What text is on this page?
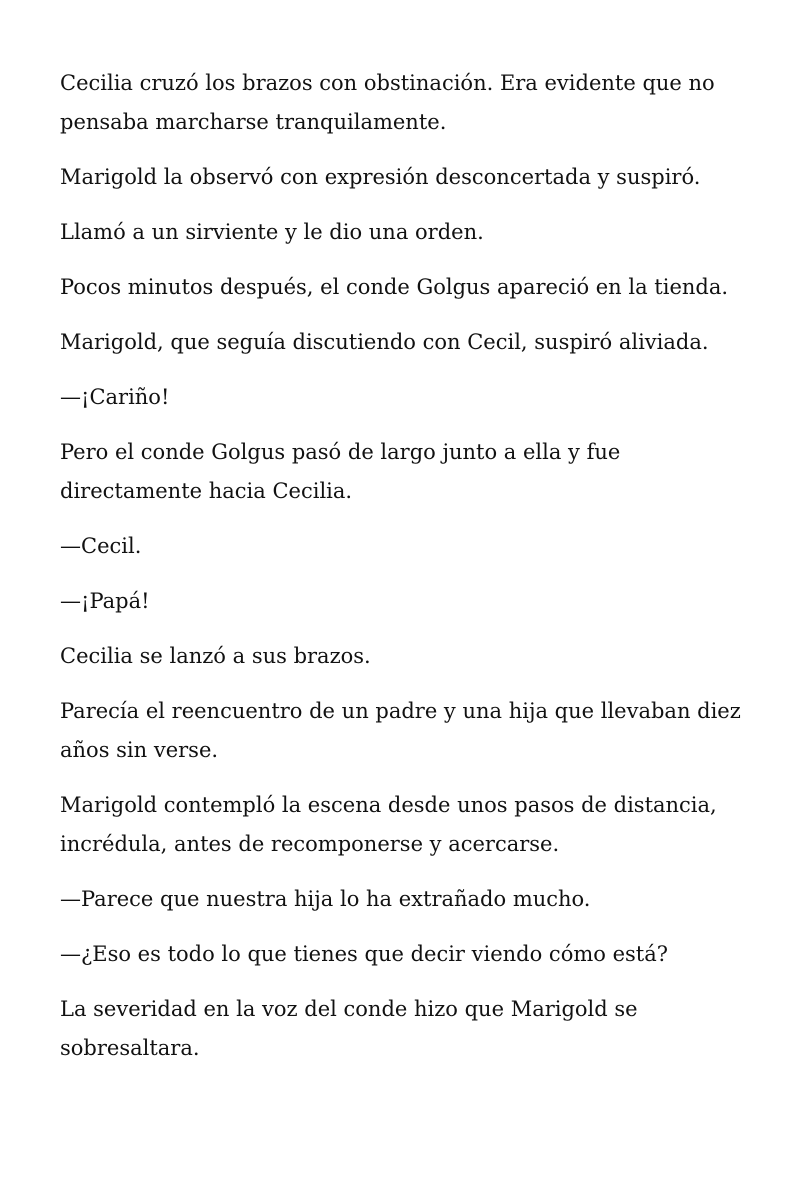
Cecilia cruzó los brazos con obstinación. Era evidente que no pensaba marcharse tranquilamente.

Marigold la observó con expresión desconcertada y suspiró.

Llamó a un sirviente y le dio una orden.

Pocos minutos después, el conde Golgus apareció en la tienda.

Marigold, que seguía discutiendo con Cecil, suspiró aliviada.

—¡Cariño!

Pero el conde Golgus pasó de largo junto a ella y fue directamente hacia Cecilia.

—Cecil.

—¡Papá!

Cecilia se lanzó a sus brazos.

Parecía el reencuentro de un padre y una hija que llevaban diez años sin verse.

Marigold contempló la escena desde unos pasos de distancia, incrédula, antes de recomponerse y acercarse.

—Parece que nuestra hija lo ha extrañado mucho.

—¿Eso es todo lo que tienes que decir viendo cómo está?

La severidad en la voz del conde hizo que Marigold se sobresaltara.
